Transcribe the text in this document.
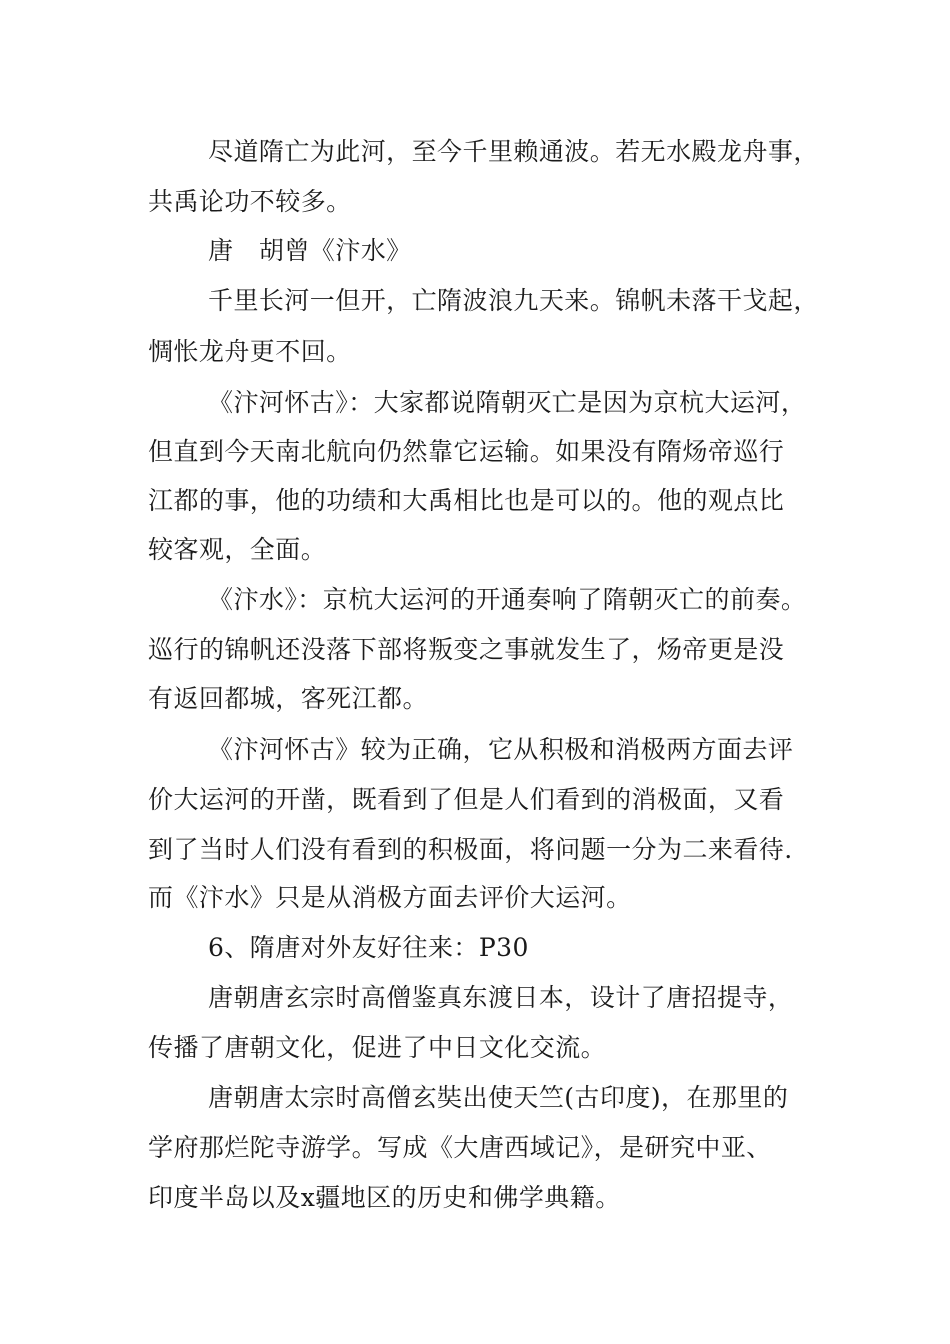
尽道隋亡为此河，至今千里赖通波。若无水殿龙舟事，
共禹论功不较多。
唐　胡曾《汴水》
千里长河一但开，亡隋波浪九天来。锦帆未落干戈起，
惆怅龙舟更不回。
《汴河怀古》：大家都说隋朝灭亡是因为京杭大运河，
但直到今天南北航向仍然靠它运输。如果没有隋炀帝巡行
江都的事，他的功绩和大禹相比也是可以的。他的观点比
较客观，全面。
《汴水》：京杭大运河的开通奏响了隋朝灭亡的前奏。
巡行的锦帆还没落下部将叛变之事就发生了，炀帝更是没
有返回都城，客死江都。
《汴河怀古》较为正确，它从积极和消极两方面去评
价大运河的开凿，既看到了但是人们看到的消极面，又看
到了当时人们没有看到的积极面，将问题一分为二来看待.
而《汴水》只是从消极方面去评价大运河。
6、隋唐对外友好往来：P30
唐朝唐玄宗时高僧鉴真东渡日本，设计了唐招提寺，
传播了唐朝文化，促进了中日文化交流。
唐朝唐太宗时高僧玄奘出使天竺(古印度)，在那里的
学府那烂陀寺游学。写成《大唐西域记》，是研究中亚、
印度半岛以及x疆地区的历史和佛学典籍。
